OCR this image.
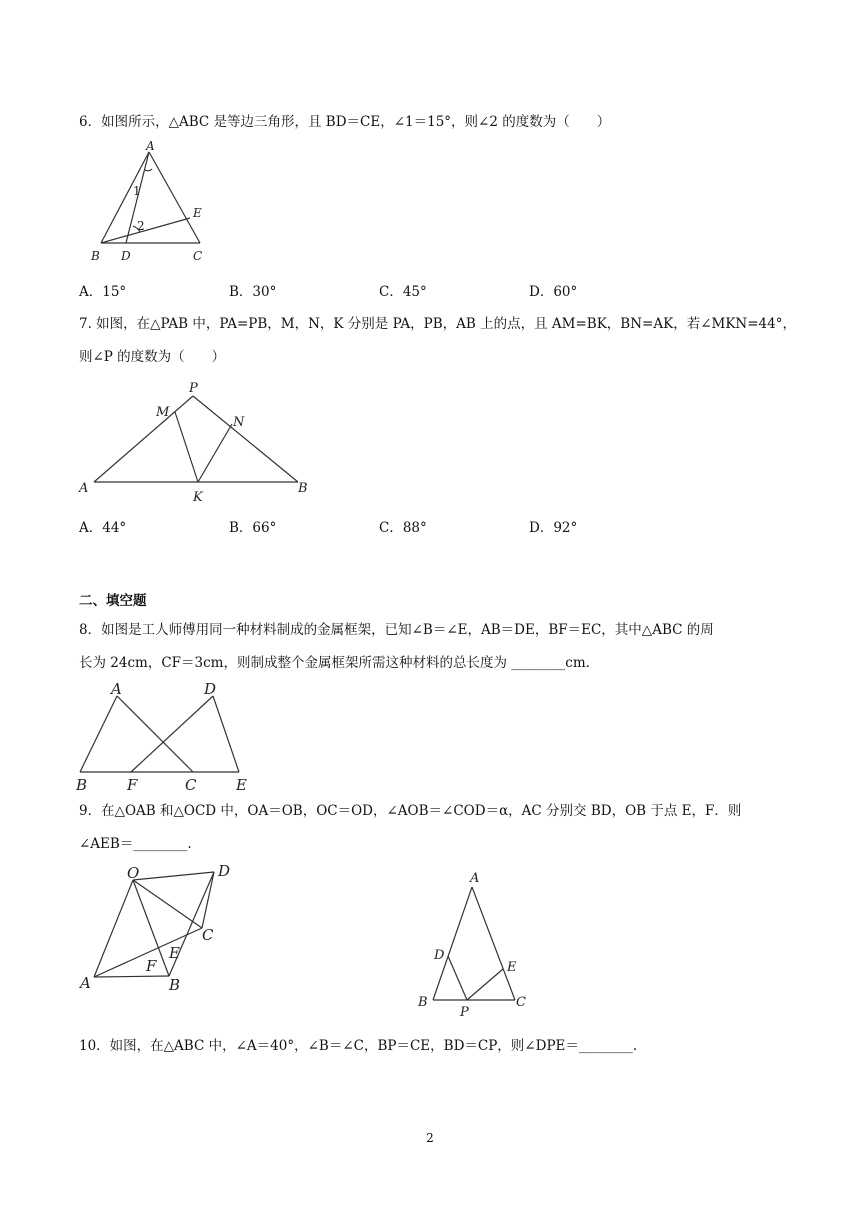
6．如图所示，△ABC 是等边三角形，且 BD＝CE，∠1＝15°，则∠2 的度数为（　　）
A
B D	C
E
1
2
A．15°	B．30°	C．45°	D．60°
7. 如图，在△PAB 中，PA=PB，M，N，K 分别是 PA，PB，AB 上的点，且 AM=BK，BN=AK，若∠MKN=44°，
则∠P 的度数为（　　）
P
M
N
A
K
B
A．44°	B．66°	C．88°	D．92°
二、填空题
8．如图是工人师傅用同一种材料制成的金属框架，已知∠B＝∠E，AB＝DE，BF＝EC，其中△ABC 的周
长为 24cm，CF＝3cm，则制成整个金属框架所需这种材料的总长度为 ________cm.
A	D
B	F	C	E
9．在△OAB 和△OCD 中，OA＝OB，OC＝OD，∠AOB＝∠COD＝α，AC 分别交 BD，OB 于点 E，F．则
∠AEB＝________.
O	D
C
E
F
A	B
A
D
E
B
P
C
10．如图，在△ABC 中，∠A＝40°，∠B＝∠C，BP＝CE，BD＝CP，则∠DPE＝________.
2
